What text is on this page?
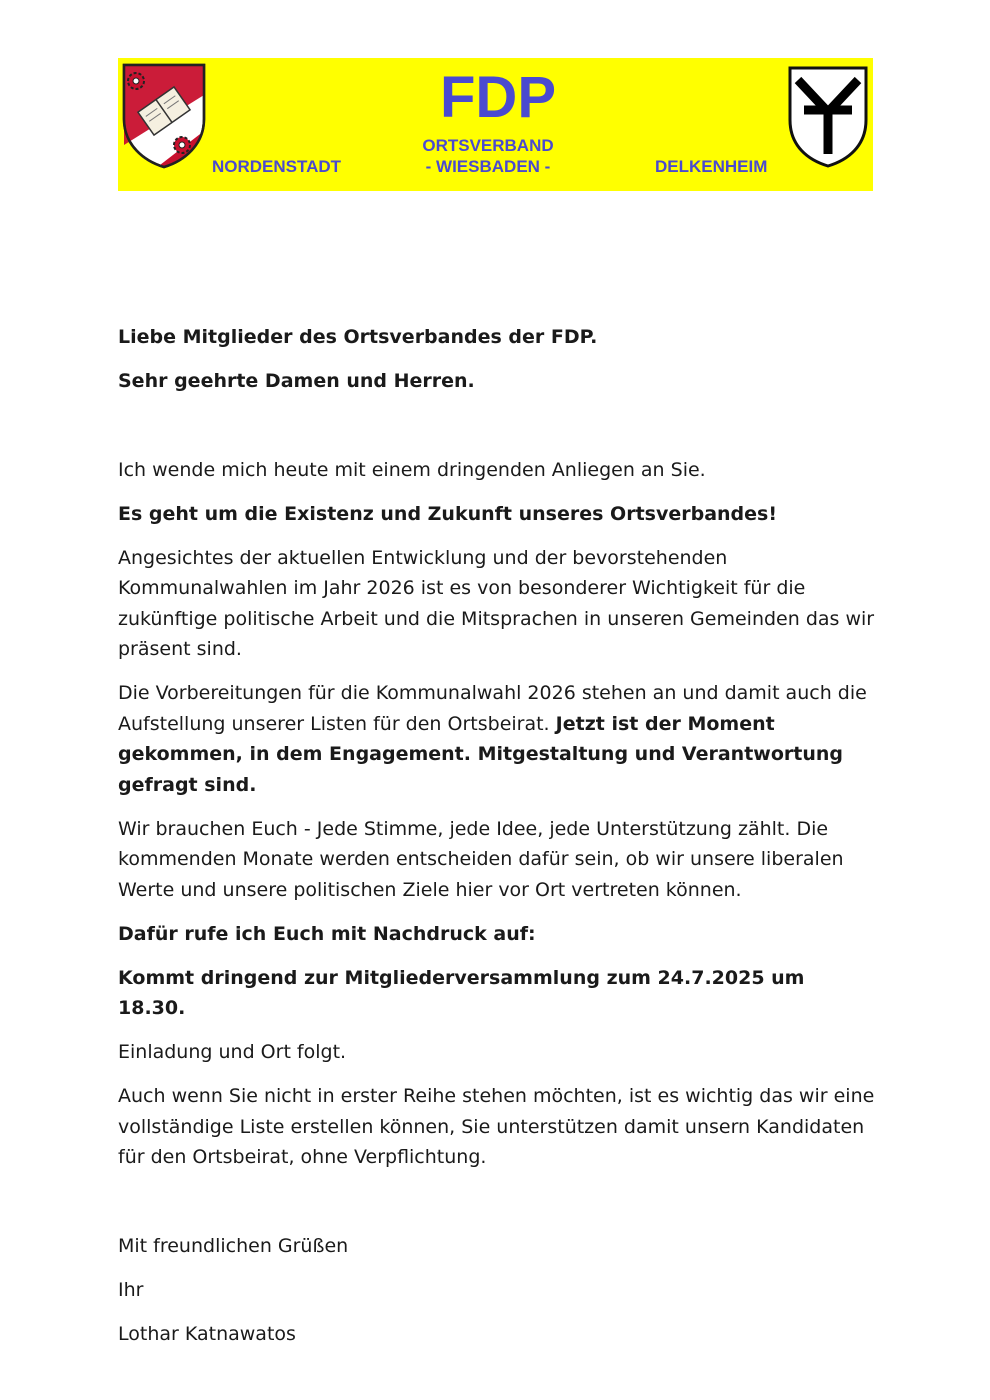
FDP
ORTSVERBAND
- WIESBADEN -
NORDENSTADT	DELKENHEIM

Liebe Mitglieder des Ortsverbandes der FDP.

Sehr geehrte Damen und Herren.

Ich wende mich heute mit einem dringenden Anliegen an Sie.

Es geht um die Existenz und Zukunft unseres Ortsverbandes!

Angesichtes der aktuellen Entwicklung und der bevorstehenden Kommunalwahlen im Jahr 2026 ist es von besonderer Wichtigkeit für die zukünftige politische Arbeit und die Mitsprachen in unseren Gemeinden das wir präsent sind.

Die Vorbereitungen für die Kommunalwahl 2026 stehen an und damit auch die Aufstellung unserer Listen für den Ortsbeirat. Jetzt ist der Moment gekommen, in dem Engagement. Mitgestaltung und Verantwortung gefragt sind.

Wir brauchen Euch - Jede Stimme, jede Idee, jede Unterstützung zählt. Die kommenden Monate werden entscheiden dafür sein, ob wir unsere liberalen Werte und unsere politischen Ziele hier vor Ort vertreten können.

Dafür rufe ich Euch mit Nachdruck auf:

Kommt dringend zur Mitgliederversammlung zum 24.7.2025 um 18.30.

Einladung und Ort folgt.

Auch wenn Sie nicht in erster Reihe stehen möchten, ist es wichtig das wir eine vollständige Liste erstellen können, Sie unterstützen damit unsern Kandidaten für den Ortsbeirat, ohne Verpflichtung.

Mit freundlichen Grüßen

Ihr

Lothar Katnawatos
